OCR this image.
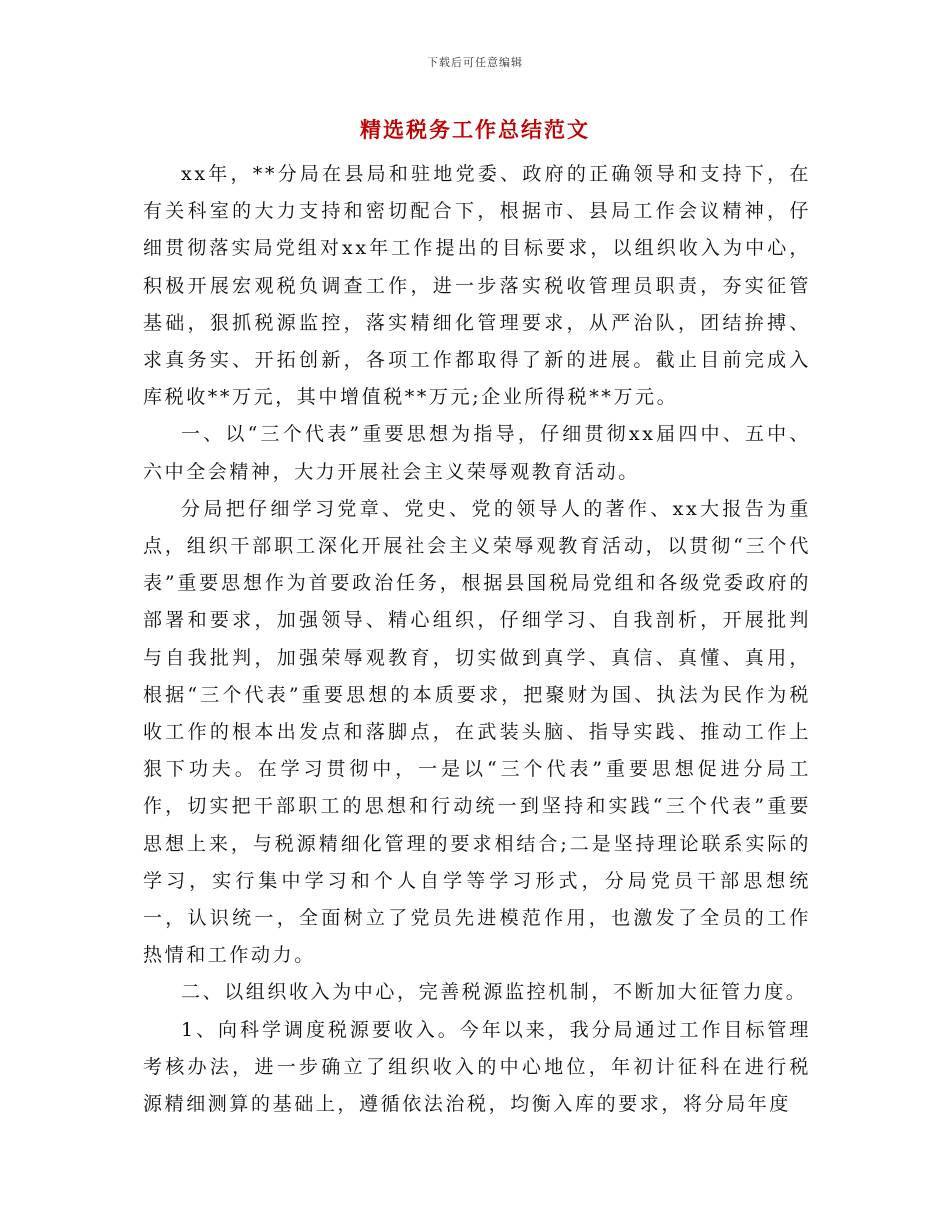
下载后可任意编辑
精选税务工作总结范文

xx年，**分局在县局和驻地党委、政府的正确领导和支持下，在有关科室的大力支持和密切配合下，根据市、县局工作会议精神，仔细贯彻落实局党组对xx年工作提出的目标要求，以组织收入为中心，积极开展宏观税负调查工作，进一步落实税收管理员职责，夯实征管基础，狠抓税源监控，落实精细化管理要求，从严治队，团结拚搏、求真务实、开拓创新，各项工作都取得了新的进展。截止目前完成入库税收**万元，其中增值税**万元;企业所得税**万元。

一、以“三个代表”重要思想为指导，仔细贯彻xx届四中、五中、六中全会精神，大力开展社会主义荣辱观教育活动。

分局把仔细学习党章、党史、党的领导人的著作、xx大报告为重点，组织干部职工深化开展社会主义荣辱观教育活动，以贯彻“三个代表”重要思想作为首要政治任务，根据县国税局党组和各级党委政府的部署和要求，加强领导、精心组织，仔细学习、自我剖析，开展批判与自我批判，加强荣辱观教育，切实做到真学、真信、真懂、真用，根据“三个代表”重要思想的本质要求，把聚财为国、执法为民作为税收工作的根本出发点和落脚点，在武装头脑、指导实践、推动工作上狠下功夫。在学习贯彻中，一是以“三个代表”重要思想促进分局工作，切实把干部职工的思想和行动统一到坚持和实践“三个代表”重要思想上来，与税源精细化管理的要求相结合;二是坚持理论联系实际的学习，实行集中学习和个人自学等学习形式，分局党员干部思想统一，认识统一，全面树立了党员先进模范作用，也激发了全员的工作热情和工作动力。

二、以组织收入为中心，完善税源监控机制，不断加大征管力度。

1、向科学调度税源要收入。今年以来，我分局通过工作目标管理考核办法，进一步确立了组织收入的中心地位，年初计征科在进行税源精细测算的基础上，遵循依法治税，均衡入库的要求，将分局年度
